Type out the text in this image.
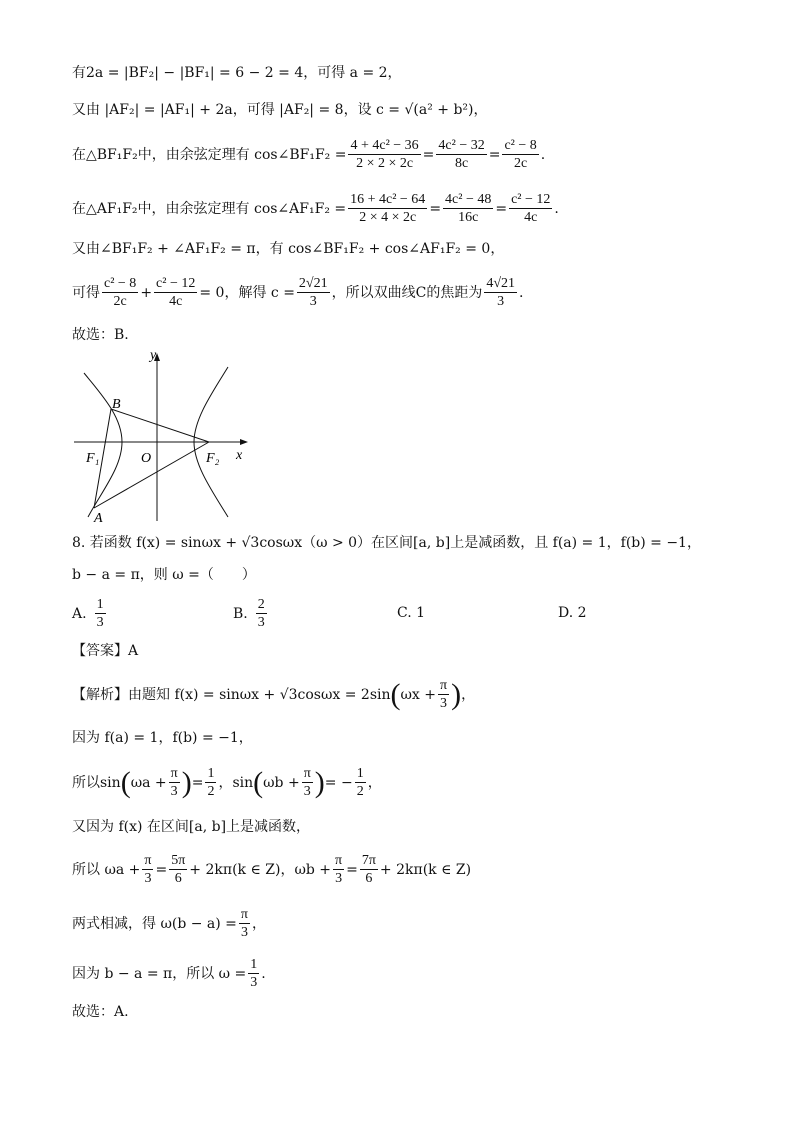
有2a = |BF₂| − |BF₁| = 6 − 2 = 4，可得 a = 2，
又由 |AF₂| = |AF₁| + 2a，可得 |AF₂| = 8，设 c = √(a² + b²)，
在△BF₁F₂中，由余弦定理有 cos∠BF₁F₂ = $\frac{\text{4 + 4c² − 36}}{2 \times 2 \times 2c} = \frac{\text{4c² − 32}}{8c} = \frac{\text{c² − 8}}{2c}$ .
在△AF₁F₂中，由余弦定理有 cos∠AF₁F₂ = $\frac{\text{16 + 4c² − 64}}{2 \times 4 \times 2c} = \frac{\text{4c² − 48}}{16c} = \frac{\text{c² − 12}}{4c}$ .
又由∠BF₁F₂ + ∠AF₁F₂ = π，有 cos∠BF₁F₂ + cos∠AF₁F₂ = 0，
可得 $\frac{\text{c² − 8}}{2c} + \frac{\text{c² − 12}}{4c} = 0$，解得 $c = \frac{2√21}{3}$ ，所以双曲线C的焦距为 $\frac{4√21}{3}$ .
故选：B.
y
x
B
A
F₁	O	F₂
8. 若函数 f(x) = sinωx + √3cosωx（ω > 0）在区间[a, b]上是减函数，且 f(a) = 1，f(b) = −1，
b − a = π，则 ω =（　　）
A. $\frac{1}{3}$	B. $\frac{2}{3}$	C. 1	D. 2
【答案】A
【解析】由题知 f(x) = sinωx + √3cosωx = 2sin ( $\omega x + \frac{\pi}{3}$ ) ，
因为 f(a) = 1，f(b) = −1，
所以sin ( $\omega a + \frac{\pi}{3}$ ) = $\frac{1}{2}$ ，sin ( $\omega b + \frac{\pi}{3}$ ) = − $\frac{1}{2}$ ，
又因为 f(x) 在区间[a, b]上是减函数，
所以 $\omega a + \frac{\pi}{3} = \frac{5\pi}{6} + 2k\pi(k$ ∈ Z)，$\omega b + \frac{\pi}{3} = \frac{7\pi}{6} + 2k\pi(k$ ∈ Z)
两式相减，得 $\omega(b - a) = \frac{\pi}{3}$ ，
因为 b − a = π，所以 $\omega = \frac{1}{3}$ .
故选：A.
